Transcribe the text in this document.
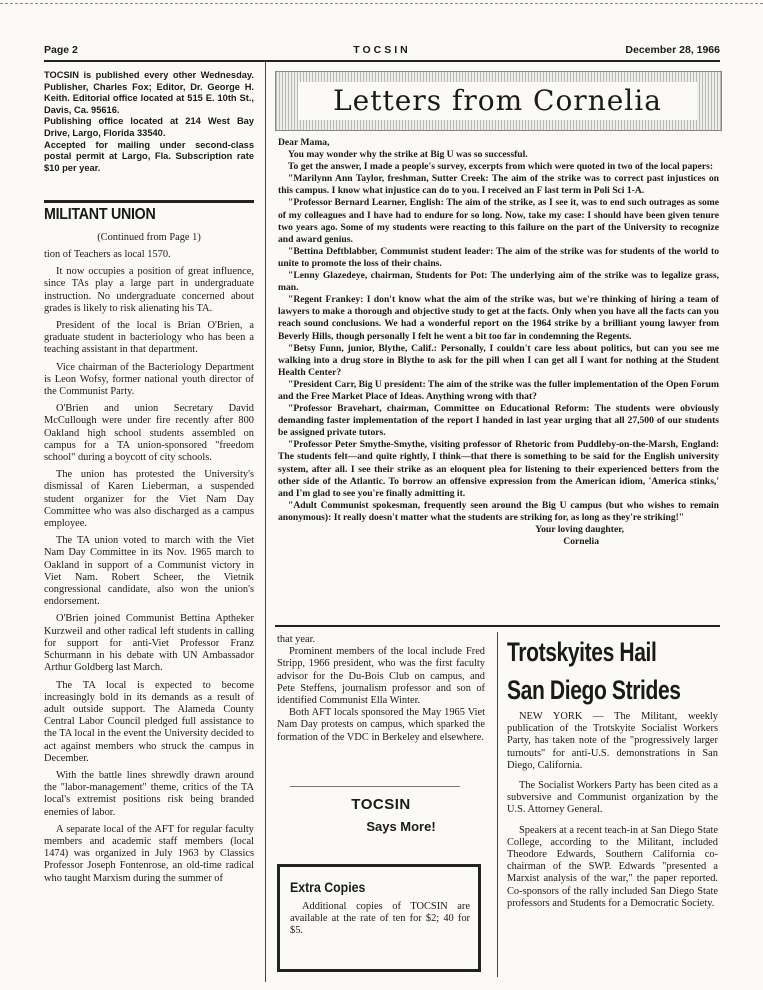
Page 2	TOCSIN	December 28, 1966
TOCSIN is published every other Wednesday. Publisher, Charles Fox; Editor, Dr. George H. Keith. Editorial office located at 515 E. 10th St., Davis, Ca. 95616.
Publishing office located at 214 West Bay Drive, Largo, Florida 33540.
Accepted for mailing under second-class postal permit at Largo, Fla. Subscription rate $10 per year.
MILITANT UNION
(Continued from Page 1)

tion of Teachers as local 1570.

It now occupies a position of great influence, since TAs play a large part in undergraduate instruction. No undergraduate concerned about grades is likely to risk alienating his TA.

President of the local is Brian O'Brien, a graduate student in bacteriology who has been a teaching assistant in that department.

Vice chairman of the Bacteriology Department is Leon Wofsy, former national youth director of the Communist Party.

O'Brien and union Secretary David McCullough were under fire recently after 800 Oakland high school students assembled on campus for a TA union-sponsored "freedom school" during a boycott of city schools.

The union has protested the University's dismissal of Karen Lieberman, a suspended student organizer for the Viet Nam Day Committee who was also discharged as a campus employee.

The TA union voted to march with the Viet Nam Day Committee in its Nov. 1965 march to Oakland in support of a Communist victory in Viet Nam. Robert Scheer, the Vietnik congressional candidate, also won the union's endorsement.

O'Brien joined Communist Bettina Aptheker Kurzweil and other radical left students in calling for support for anti-Viet Professor Franz Schurmann in his debate with UN Ambassador Arthur Goldberg last March.

The TA local is expected to become increasingly bold in its demands as a result of adult outside support. The Alameda County Central Labor Council pledged full assistance to the TA local in the event the University decided to act against members who struck the campus in December.

With the battle lines shrewdly drawn around the "labor-management" theme, critics of the TA local's extremist positions risk being branded enemies of labor.

A separate local of the AFT for regular faculty members and academic staff members (local 1474) was organized in July 1963 by Classics Professor Joseph Fontenrose, an old-time radical who taught Marxism during the summer of

Letters from Cornelia

Dear Mama,

You may wonder why the strike at Big U was so successful.

To get the answer, I made a people's survey, excerpts from which were quoted in two of the local papers:

"Marilynn Ann Taylor, freshman, Sutter Creek: The aim of the strike was to correct past injustices on this campus. I know what injustice can do to you. I received an F last term in Poli Sci 1-A.

"Professor Bernard Learner, English: The aim of the strike, as I see it, was to end such outrages as some of my colleagues and I have had to endure for so long. Now, take my case: I should have been given tenure two years ago. Some of my students were reacting to this failure on the part of the University to recognize and award genius.

"Bettina Deftblabber, Communist student leader: The aim of the strike was for students of the world to unite to promote the loss of their chains.

"Lenny Glazedeye, chairman, Students for Pot: The underlying aim of the strike was to legalize grass, man.

"Regent Frankey: I don't know what the aim of the strike was, but we're thinking of hiring a team of lawyers to make a thorough and objective study to get at the facts. Only when you have all the facts can you reach sound conclusions. We had a wonderful report on the 1964 strike by a brilliant young lawyer from Beverly Hills, though personally I felt he went a bit too far in condemning the Regents.

"Betsy Funn, junior, Blythe, Calif.: Personally, I couldn't care less about politics, but can you see me walking into a drug store in Blythe to ask for the pill when I can get all I want for nothing at the Student Health Center?

"President Carr, Big U president: The aim of the strike was the fuller implementation of the Open Forum and the Free Market Place of Ideas. Anything wrong with that?

"Professor Bravehart, chairman, Committee on Educational Reform: The students were obviously demanding faster implementation of the report I handed in last year urging that all 27,500 of our students be assigned private tutors.

"Professor Peter Smythe-Smythe, visiting professor of Rhetoric from Puddleby-on-the-Marsh, England: The students felt—and quite rightly, I think—that there is something to be said for the English university system, after all. I see their strike as an eloquent plea for listening to their experienced betters from the other side of the Atlantic. To borrow an offensive expression from the American idiom, 'America stinks,' and I'm glad to see you're finally admitting it.

"Adult Communist spokesman, frequently seen around the Big U campus (but who wishes to remain anonymous): It really doesn't matter what the students are striking for, as long as they're striking!"

Your loving daughter,
Cornelia

that year.

Prominent members of the local include Fred Stripp, 1966 president, who was the first faculty advisor for the Du-Bois Club on campus, and Pete Steffens, journalism professor and son of identified Communist Ella Winter.

Both AFT locals sponsored the May 1965 Viet Nam Day protests on campus, which sparked the formation of the VDC in Berkeley and elsewhere.

TOCSIN
Says More!
Extra Copies
Additional copies of TOCSIN are available at the rate of ten for $2; 40 for $5.
Trotskyites Hail
San Diego Strides

NEW YORK — The Militant, weekly publication of the Trotskyite Socialist Workers Party, has taken note of the "progressively larger turnouts" for anti-U.S. demonstrations in San Diego, California.

The Socialist Workers Party has been cited as a subversive and Communist organization by the U.S. Attorney General.

Speakers at a recent teach-in at San Diego State College, according to the Militant, included Theodore Edwards, Southern California co-chairman of the SWP. Edwards "presented a Marxist analysis of the war," the paper reported. Co-sponsors of the rally included San Diego State professors and Students for a Democratic Society.
